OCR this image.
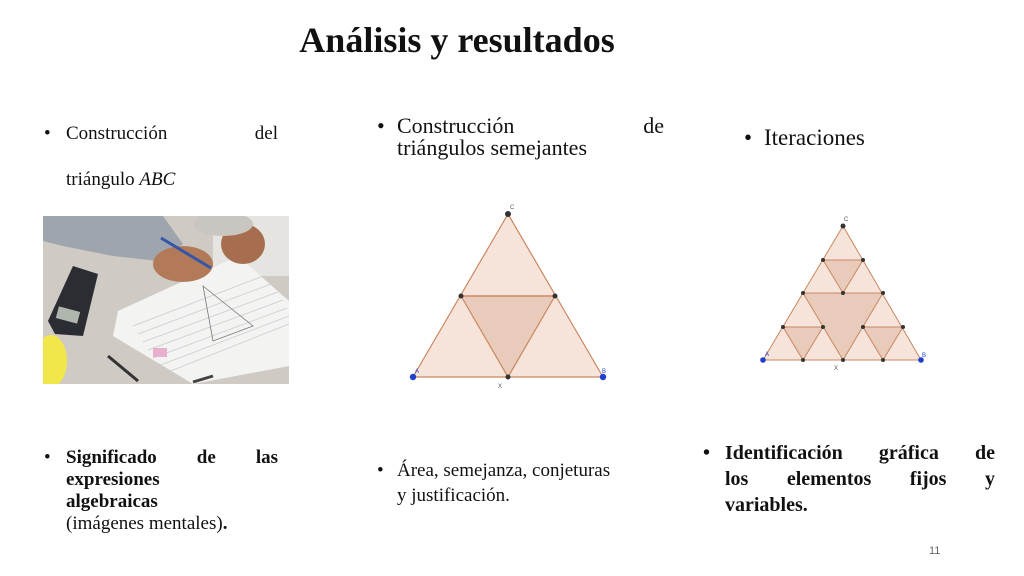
Análisis y resultados
• Construcción del
triángulo ABC
• Construcción de
triángulos semejantes	• Iteraciones
C
A	B
X
C
A	B
X
• Significado de las
expresiones
algebraicas
(imágenes mentales).
• Área, semejanza, conjeturas
y justificación.
• Identificación gráfica de
los elementos fijos y
variables.
11
